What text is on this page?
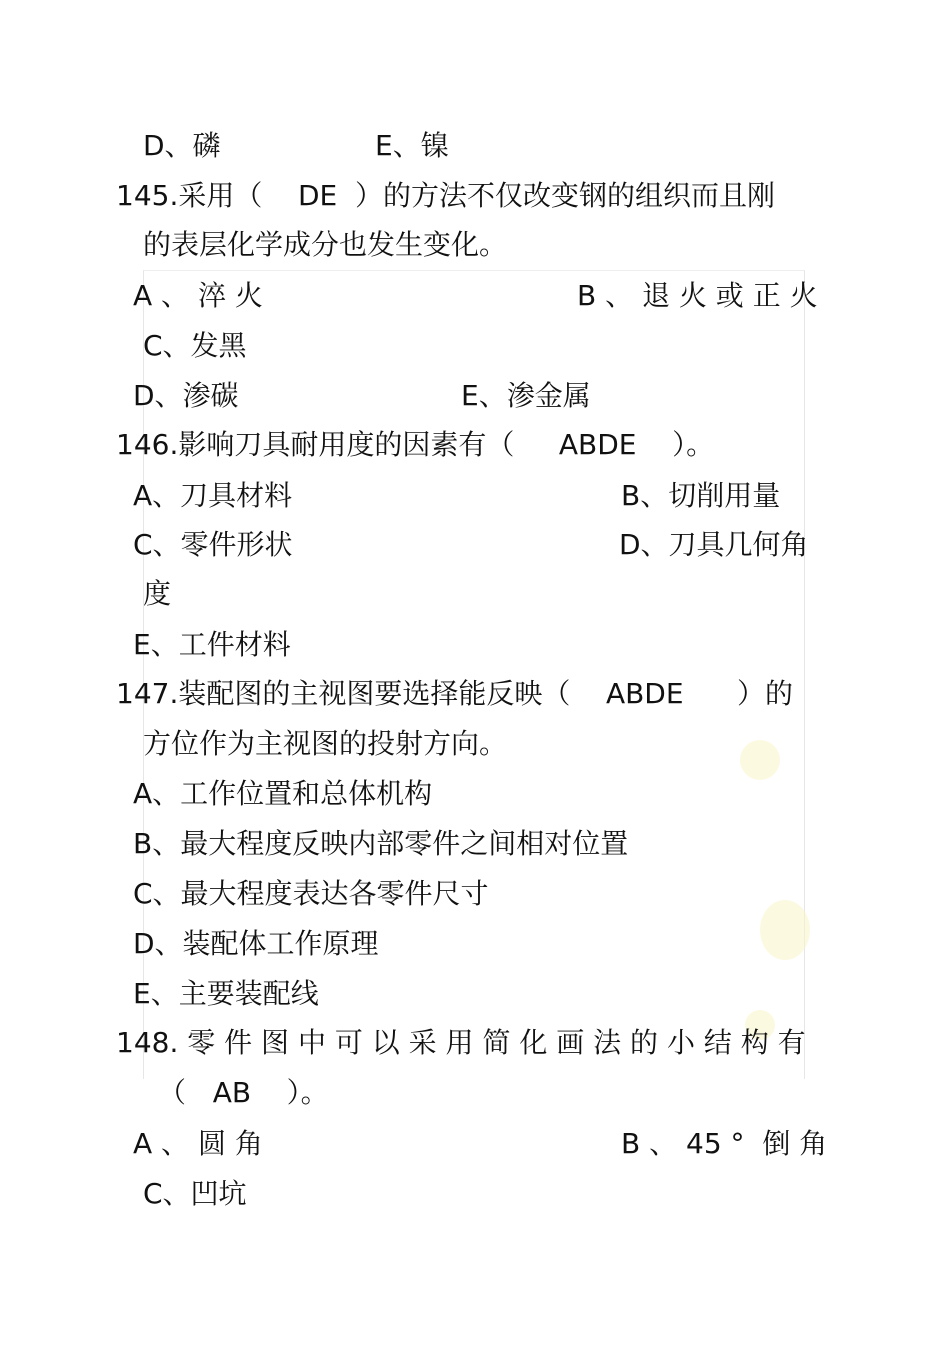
D、磷	E、镍
145.采用（    DE  ）的方法不仅改变钢的组织而且刚
的表层化学成分也发生变化。
A 、 淬 火	B 、 退 火 或 正 火
C、发黑
D、渗碳	E、渗金属
146.影响刀具耐用度的因素有（     ABDE    ）。
A、刀具材料	B、切削用量
C、零件形状	D、刀具几何角
度
E、工件材料
147.装配图的主视图要选择能反映（    ABDE      ）的
方位作为主视图的投射方向。
A、工作位置和总体机构
B、最大程度反映内部零件之间相对位置
C、最大程度表达各零件尺寸
D、装配体工作原理
E、主要装配线
148. 零 件 图 中 可 以 采 用 简 化 画 法 的 小 结 构 有
（   AB    ）。
A 、 圆 角	B 、 45 °  倒 角
C、凹坑
